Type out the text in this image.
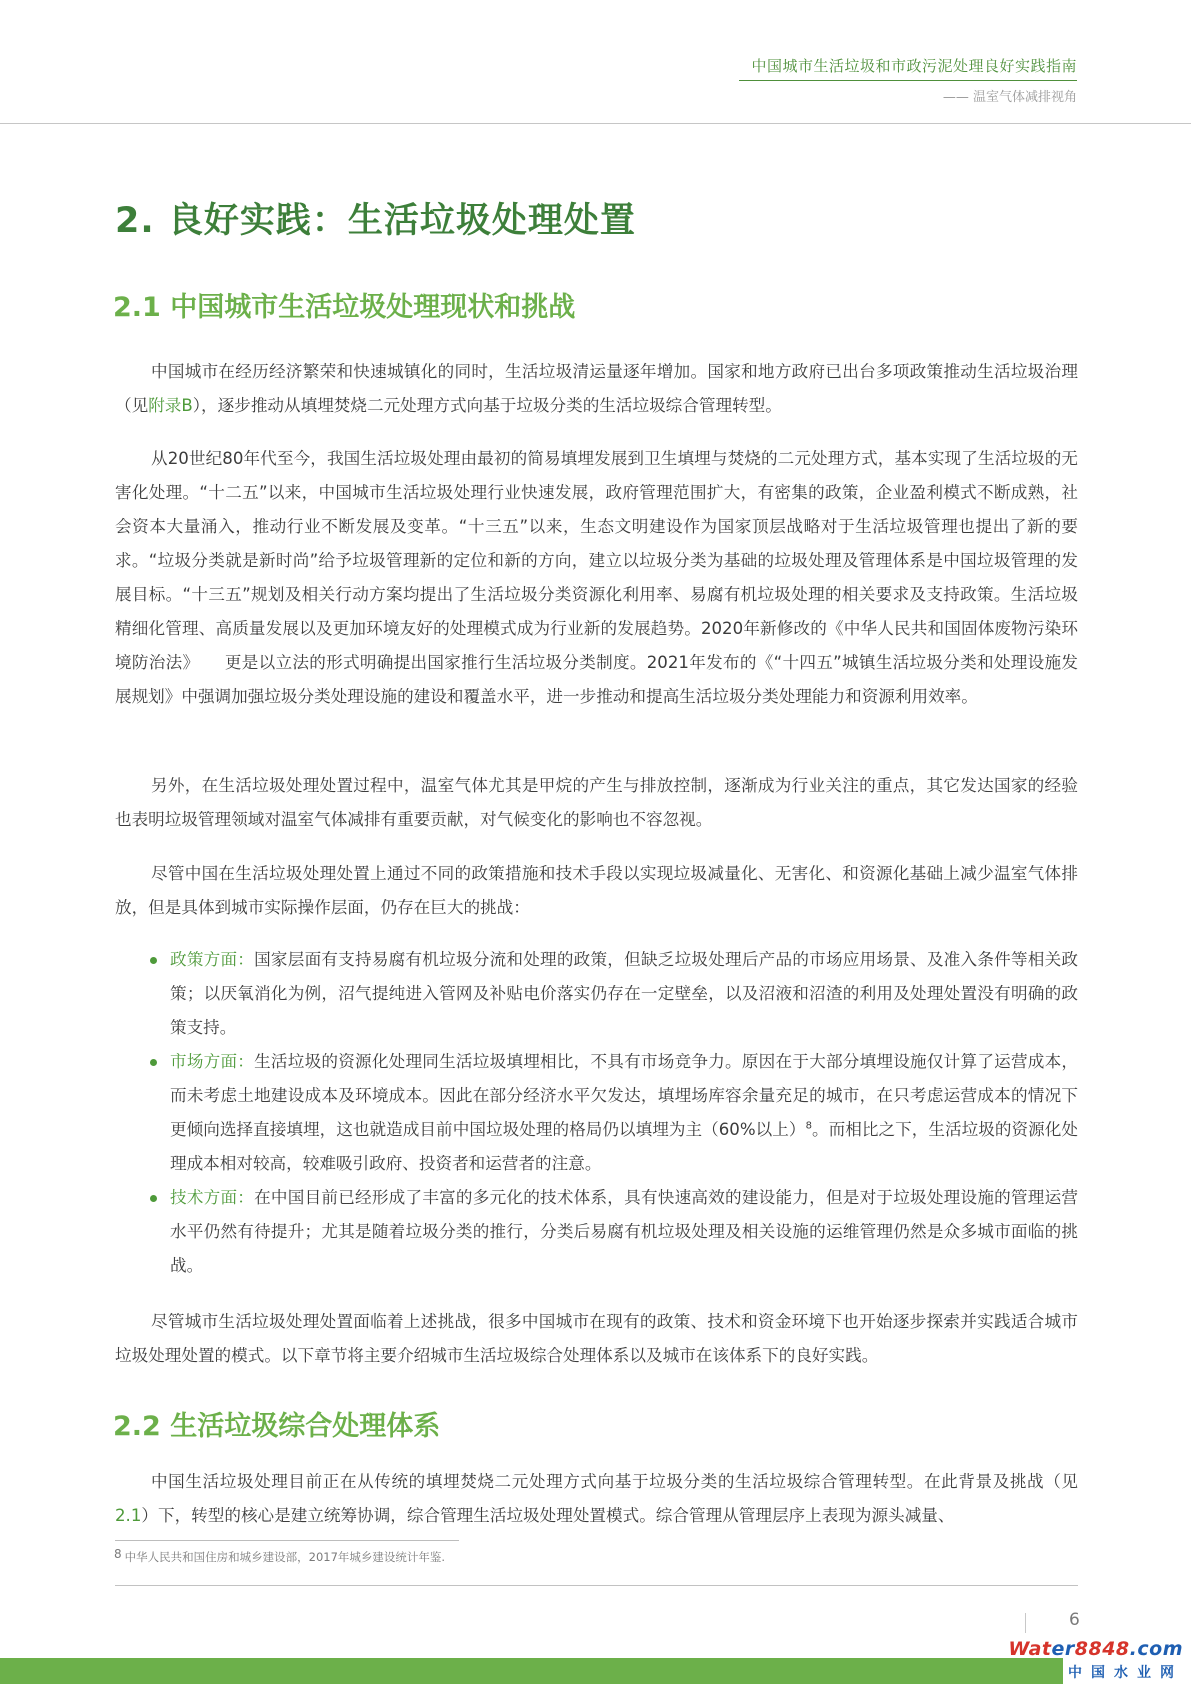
中国城市生活垃圾和市政污泥处理良好实践指南
—— 温室气体减排视角
2. 良好实践：生活垃圾处理处置
2.1 中国城市生活垃圾处理现状和挑战
中国城市在经历经济繁荣和快速城镇化的同时，生活垃圾清运量逐年增加。国家和地方政府已出台多项政策推动生活垃圾治理（见附录B），逐步推动从填埋焚烧二元处理方式向基于垃圾分类的生活垃圾综合管理转型。
从20世纪80年代至今，我国生活垃圾处理由最初的简易填埋发展到卫生填埋与焚烧的二元处理方式，基本实现了生活垃圾的无害化处理。“十二五”以来，中国城市生活垃圾处理行业快速发展，政府管理范围扩大，有密集的政策，企业盈利模式不断成熟，社会资本大量涌入，推动行业不断发展及变革。“十三五”以来，生态文明建设作为国家顶层战略对于生活垃圾管理也提出了新的要求。“垃圾分类就是新时尚”给予垃圾管理新的定位和新的方向，建立以垃圾分类为基础的垃圾处理及管理体系是中国垃圾管理的发展目标。“十三五”规划及相关行动方案均提出了生活垃圾分类资源化利用率、易腐有机垃圾处理的相关要求及支持政策。生活垃圾精细化管理、高质量发展以及更加环境友好的处理模式成为行业新的发展趋势。2020年新修改的《中华人民共和国固体废物污染环境防治法》　　更是以立法的形式明确提出国家推行生活垃圾分类制度。2021年发布的《“十四五”城镇生活垃圾分类和处理设施发展规划》中强调加强垃圾分类处理设施的建设和覆盖水平，进一步推动和提高生活垃圾分类处理能力和资源利用效率。
另外，在生活垃圾处理处置过程中，温室气体尤其是甲烷的产生与排放控制，逐渐成为行业关注的重点，其它发达国家的经验也表明垃圾管理领域对温室气体减排有重要贡献，对气候变化的影响也不容忽视。
尽管中国在生活垃圾处理处置上通过不同的政策措施和技术手段以实现垃圾减量化、无害化、和资源化基础上减少温室气体排放，但是具体到城市实际操作层面，仍存在巨大的挑战：
政策方面：国家层面有支持易腐有机垃圾分流和处理的政策，但缺乏垃圾处理后产品的市场应用场景、及准入条件等相关政策；以厌氧消化为例，沼气提纯进入管网及补贴电价落实仍存在一定壁垒，以及沼液和沼渣的利用及处理处置没有明确的政策支持。
市场方面：生活垃圾的资源化处理同生活垃圾填埋相比，不具有市场竞争力。原因在于大部分填埋设施仅计算了运营成本，而未考虑土地建设成本及环境成本。因此在部分经济水平欠发达，填埋场库容余量充足的城市，在只考虑运营成本的情况下更倾向选择直接填埋，这也就造成目前中国垃圾处理的格局仍以填埋为主（60%以上）$^8$。而相比之下，生活垃圾的资源化处理成本相对较高，较难吸引政府、投资者和运营者的注意。
技术方面：在中国目前已经形成了丰富的多元化的技术体系，具有快速高效的建设能力，但是对于垃圾处理设施的管理运营水平仍然有待提升；尤其是随着垃圾分类的推行，分类后易腐有机垃圾处理及相关设施的运维管理仍然是众多城市面临的挑战。
尽管城市生活垃圾处理处置面临着上述挑战，很多中国城市在现有的政策、技术和资金环境下也开始逐步探索并实践适合城市垃圾处理处置的模式。以下章节将主要介绍城市生活垃圾综合处理体系以及城市在该体系下的良好实践。
2.2 生活垃圾综合处理体系
中国生活垃圾处理目前正在从传统的填埋焚烧二元处理方式向基于垃圾分类的生活垃圾综合管理转型。在此背景及挑战（见2.1）下，转型的核心是建立统筹协调，综合管理生活垃圾处理处置模式。综合管理从管理层序上表现为源头减量、
8 中华人民共和国住房和城乡建设部，2017年城乡建设统计年鉴.
6
Water8848.com
中国水业网
